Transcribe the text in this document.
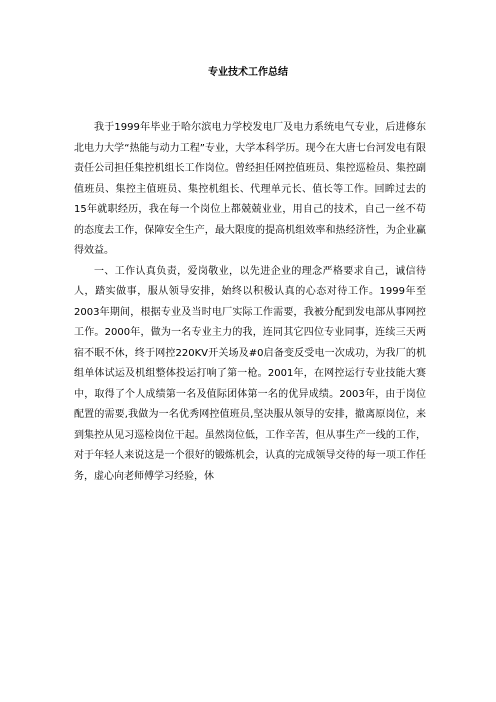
专业技术工作总结

我于1999年毕业于哈尔滨电力学校发电厂及电力系统电气专业，后进修东北电力大学“热能与动力工程”专业，大学本科学历。现今在大唐七台河发电有限责任公司担任集控机组长工作岗位。曾经担任网控值班员、集控巡检员、集控副值班员、集控主值班员、集控机组长、代理单元长、值长等工作。回眸过去的15年就职经历，我在每一个岗位上都兢兢业业，用自己的技术，自己一丝不苟的态度去工作，保障安全生产，最大限度的提高机组效率和热经济性，为企业赢得效益。

一、工作认真负责，爱岗敬业，以先进企业的理念严格要求自己，诚信待人，踏实做事，服从领导安排，始终以积极认真的心态对待工作。1999年至2003年期间，根据专业及当时电厂实际工作需要，我被分配到发电部从事网控工作。2000年，做为一名专业主力的我，连同其它四位专业同事，连续三天两宿不眠不休，终于网控220KV开关场及#0启备变反受电一次成功，为我厂的机组单体试运及机组整体投运打响了第一枪。2001年，在网控运行专业技能大赛中，取得了个人成绩第一名及值际团体第一名的优异成绩。2003年，由于岗位配置的需要,我做为一名优秀网控值班员,坚决服从领导的安排，撤离原岗位，来到集控从见习巡检岗位干起。虽然岗位低，工作辛苦，但从事生产一线的工作，对于年轻人来说这是一个很好的锻炼机会，认真的完成领导交待的每一项工作任务，虚心向老师傅学习经验，休
